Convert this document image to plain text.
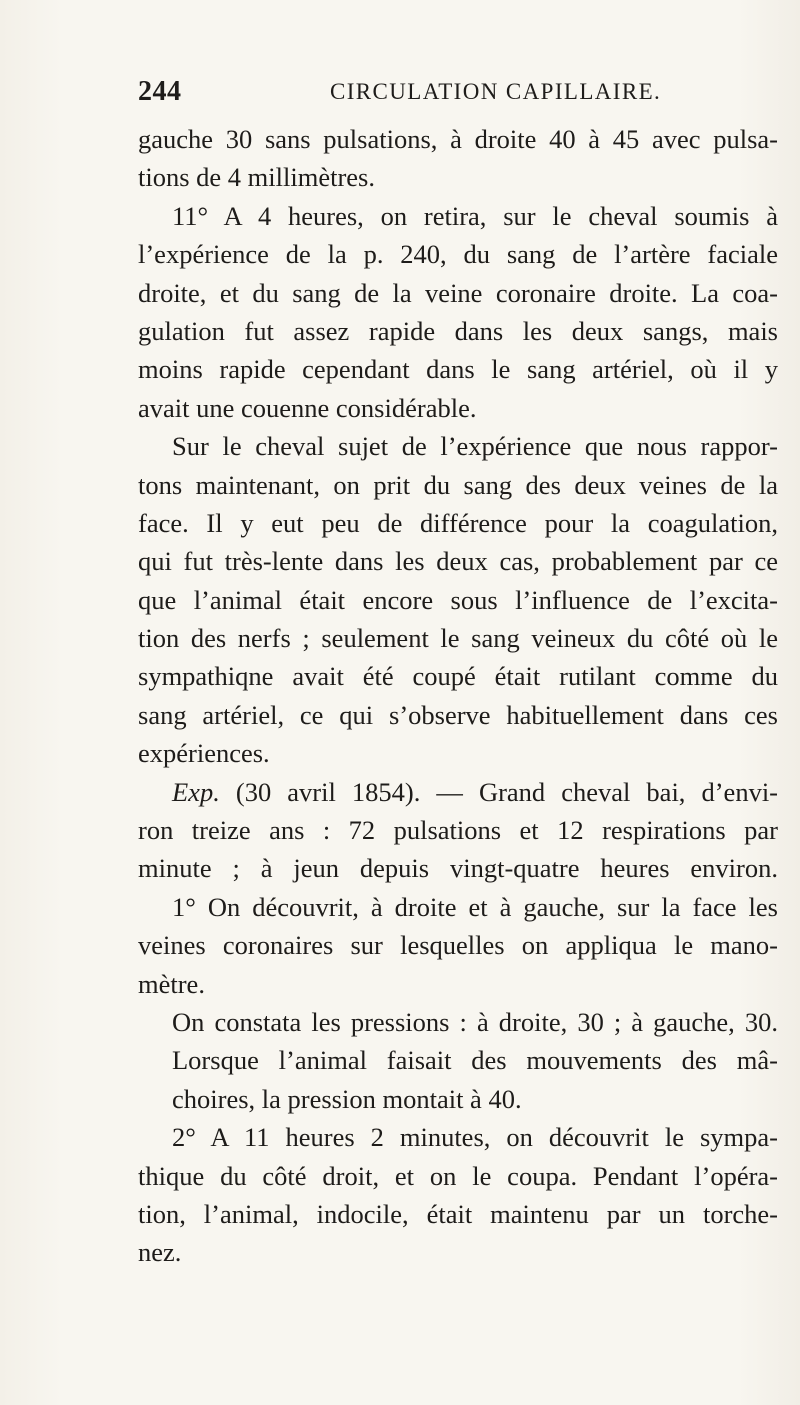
244	CIRCULATION CAPILLAIRE.
gauche 30 sans pulsations, à droite 40 à 45 avec pulsa-
tions de 4 millimètres.
11° A 4 heures, on retira, sur le cheval soumis à
l’expérience de la p. 240, du sang de l’artère faciale
droite, et du sang de la veine coronaire droite. La coa-
gulation fut assez rapide dans les deux sangs, mais
moins rapide cependant dans le sang artériel, où il y
avait une couenne considérable.
Sur le cheval sujet de l’expérience que nous rappor-
tons maintenant, on prit du sang des deux veines de la
face. Il y eut peu de différence pour la coagulation,
qui fut très-lente dans les deux cas, probablement par ce
que l’animal était encore sous l’influence de l’excita-
tion des nerfs ; seulement le sang veineux du côté où le
sympathiqne avait été coupé était rutilant comme du
sang artériel, ce qui s’observe habituellement dans ces
expériences.
Exp. (30 avril 1854). — Grand cheval bai, d’envi-
ron treize ans : 72 pulsations et 12 respirations par
minute ; à jeun depuis vingt-quatre heures environ.
1° On découvrit, à droite et à gauche, sur la face les
veines coronaires sur lesquelles on appliqua le mano-
mètre.
On constata les pressions : à droite, 30 ; à gauche, 30.
Lorsque l’animal faisait des mouvements des mâ-
choires, la pression montait à 40.
2° A 11 heures 2 minutes, on découvrit le sympa-
thique du côté droit, et on le coupa. Pendant l’opéra-
tion, l’animal, indocile, était maintenu par un torche-
nez.
